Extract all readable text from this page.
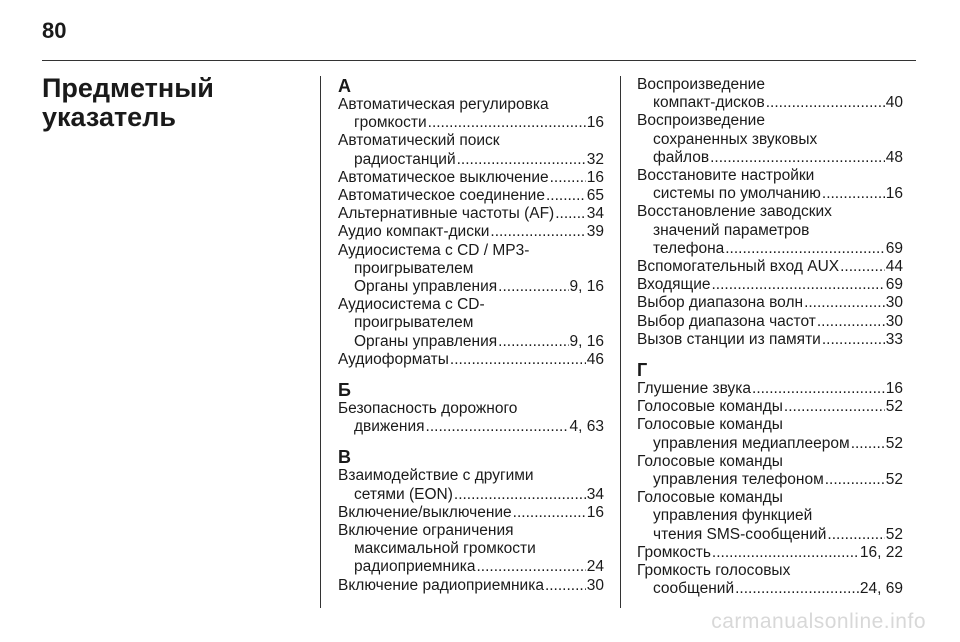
80
Предметный
указатель
А
Автоматическая регулировка
громкости .....	16
Автоматический поиск
радиостанций .....	32
Автоматическое выключение ..... 16
Автоматическое соединение .....	65
Альтернативные частоты (AF) ..... 34
Аудио компакт-диски .....	39
Аудиосистема с CD / MP3-
проигрывателем
Органы управления .....	9, 16
Аудиосистема с CD-
проигрывателем
Органы управления .....	9, 16
Аудиоформаты .....	46
Б
Безопасность дорожного
движения .....	4, 63
В
Взаимодействие с другими
сетями (EON) .....	34
Включение/выключение .....	16
Включение ограничения
максимальной громкости
радиоприемника .....	24
Включение радиоприемника .....	30
Воспроизведение
компакт-дисков .....	40
Воспроизведение
сохраненных звуковых
файлов .....	48
Восстановите настройки
системы по умолчанию .....	16
Восстановление заводских
значений параметров
телефона .....	69
Вспомогательный вход AUX .....	44
Входящие .....	69
Выбор диапазона волн .....	30
Выбор диапазона частот .....	30
Вызов станции из памяти .....	33
Г
Глушение звука .....	16
Голосовые команды .....	52
Голосовые команды
управления медиаплеером ..... 52
Голосовые команды
управления телефоном .....	52
Голосовые команды
управления функцией
чтения SMS-сообщений .....	52
Громкость .....	16, 22
Громкость голосовых
сообщений .....	24, 69
carmanualsonline.info
